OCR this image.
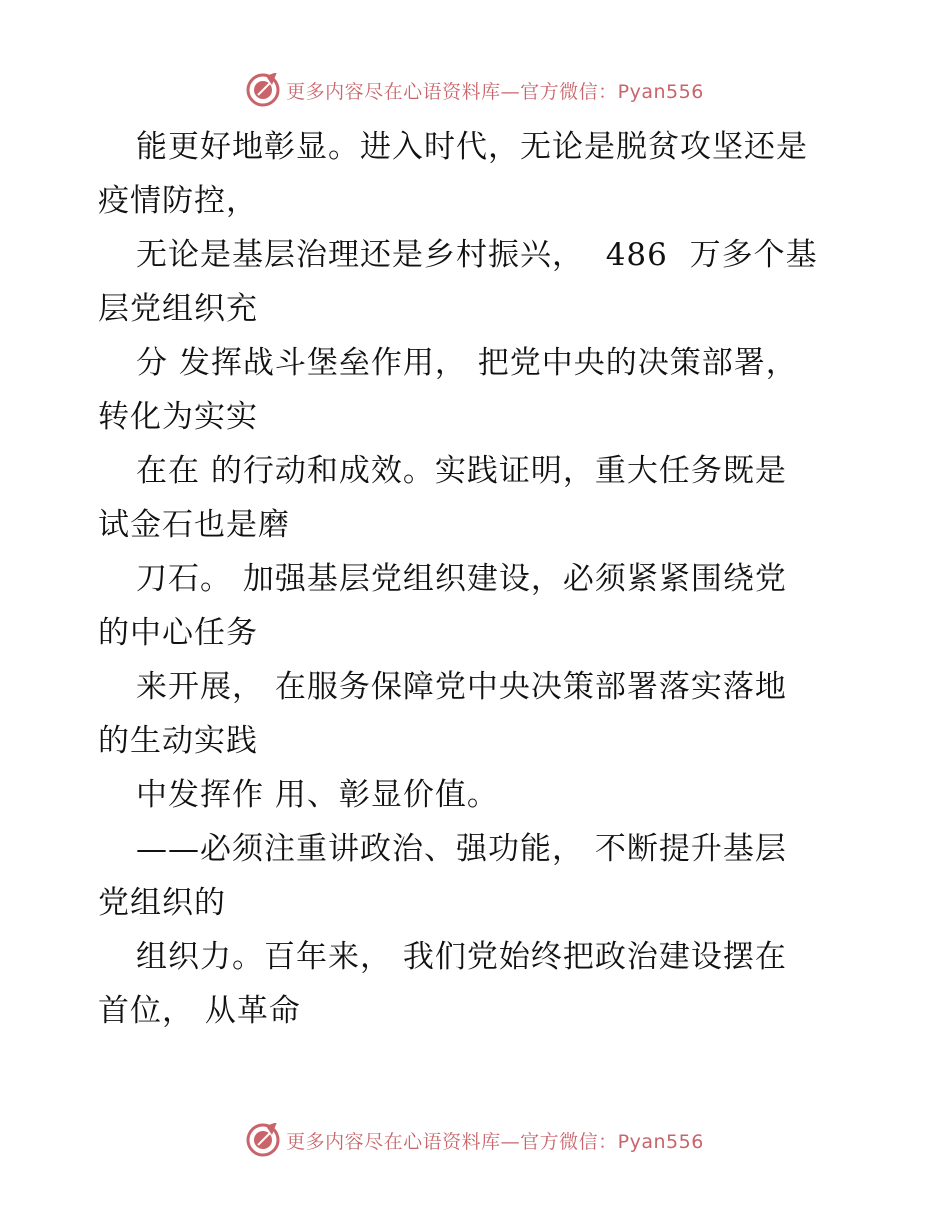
更多内容尽在心语资料库—官方微信：Pyan556
能更好地彰显。进入时代，无论是脱贫攻坚还是
疫情防控，
无论是基层治理还是乡村振兴，  486  万多个基
层党组织充
分 发挥战斗堡垒作用， 把党中央的决策部署，
转化为实实
在在 的行动和成效。实践证明，重大任务既是
试金石也是磨
刀石。 加强基层党组织建设，必须紧紧围绕党
的中心任务
来开展， 在服务保障党中央决策部署落实落地
的生动实践
中发挥作 用、彰显价值。
——必须注重讲政治、强功能， 不断提升基层
党组织的
组织力。百年来， 我们党始终把政治建设摆在
首位， 从革命
更多内容尽在心语资料库—官方微信：Pyan556
